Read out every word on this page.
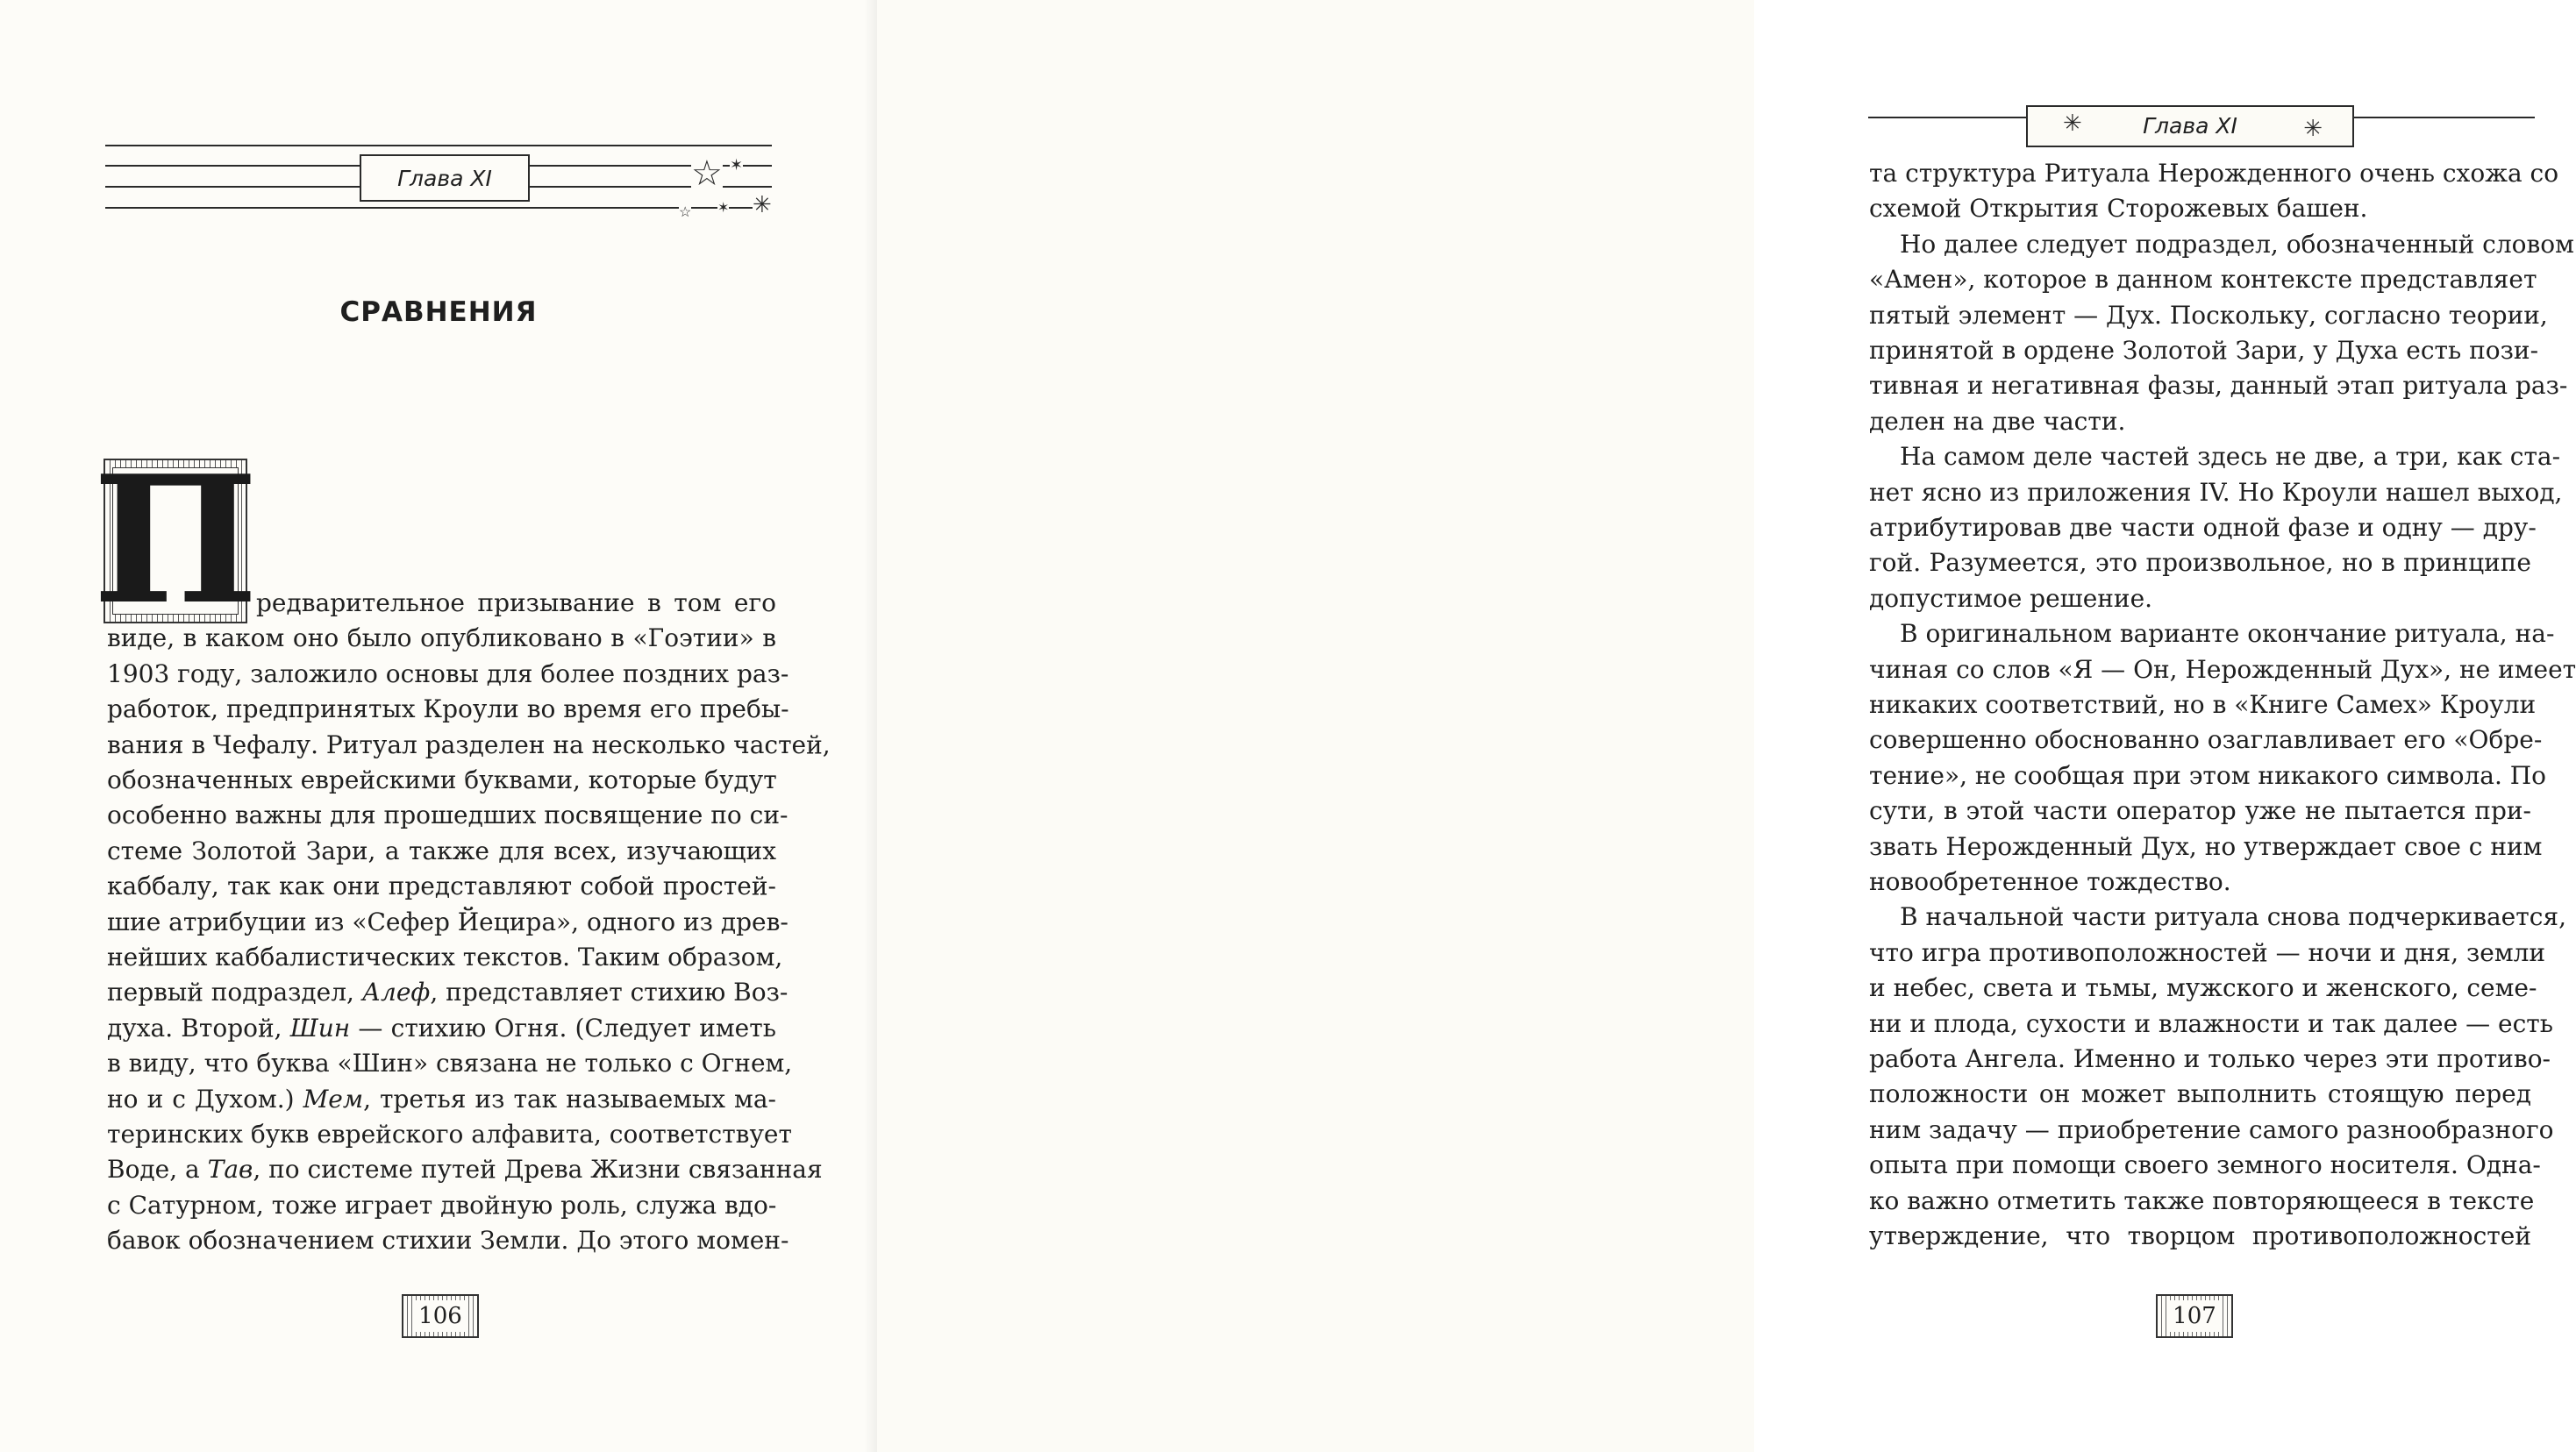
Глава XI	☆ ✶
✳
✶
☆
СРАВНЕНИЯ
П
редварительное призывание в том его
виде, в каком оно было опубликовано в «Гоэтии» в
1903 году, заложило основы для более поздних раз-
работок, предпринятых Кроули во время его пребы-
вания в Чефалу. Ритуал разделен на несколько частей,
обозначенных еврейскими буквами, которые будут
особенно важны для прошедших посвящение по си-
стеме Золотой Зари, а также для всех, изучающих
каббалу, так как они представляют собой простей-
шие атрибуции из «Сефер Йецира», одного из древ-
нейших каббалистических текстов. Таким образом,
первый подраздел, Алеф, представляет стихию Воз-
духа. Второй, Шин — стихию Огня. (Следует иметь
в виду, что буква «Шин» связана не только с Огнем,
но и с Духом.) Мем, третья из так называемых ма-
теринских букв еврейского алфавита, соответствует
Воде, а Тав, по системе путей Древа Жизни связанная
с Сатурном, тоже играет двойную роль, служа вдо-
бавок обозначением стихии Земли. До этого момен-
106
✳	Глава XI	✳
та структура Ритуала Нерожденного очень схожа со
схемой Открытия Сторожевых башен.
Но далее следует подраздел, обозначенный словом
«Амен», которое в данном контексте представляет
пятый элемент — Дух. Поскольку, согласно теории,
принятой в ордене Золотой Зари, у Духа есть пози-
тивная и негативная фазы, данный этап ритуала раз-
делен на две части.
На самом деле частей здесь не две, а три, как ста-
нет ясно из приложения IV. Но Кроули нашел выход,
атрибутировав две части одной фазе и одну — дру-
гой. Разумеется, это произвольное, но в принципе
допустимое решение.
В оригинальном варианте окончание ритуала, на-
чиная со слов «Я — Он, Нерожденный Дух», не имеет
никаких соответствий, но в «Книге Самех» Кроули
совершенно обоснованно озаглавливает его «Обре-
тение», не сообщая при этом никакого символа. По
сути, в этой части оператор уже не пытается при-
звать Нерожденный Дух, но утверждает свое с ним
новообретенное тождество.
В начальной части ритуала снова подчеркивается,
что игра противоположностей — ночи и дня, земли
и небес, света и тьмы, мужского и женского, семе-
ни и плода, сухости и влажности и так далее — есть
работа Ангела. Именно и только через эти противо-
положности он может выполнить стоящую перед
ним задачу — приобретение самого разнообразного
опыта при помощи своего земного носителя. Одна-
ко важно отметить также повторяющееся в тексте
утверждение, что творцом противоположностей
107
